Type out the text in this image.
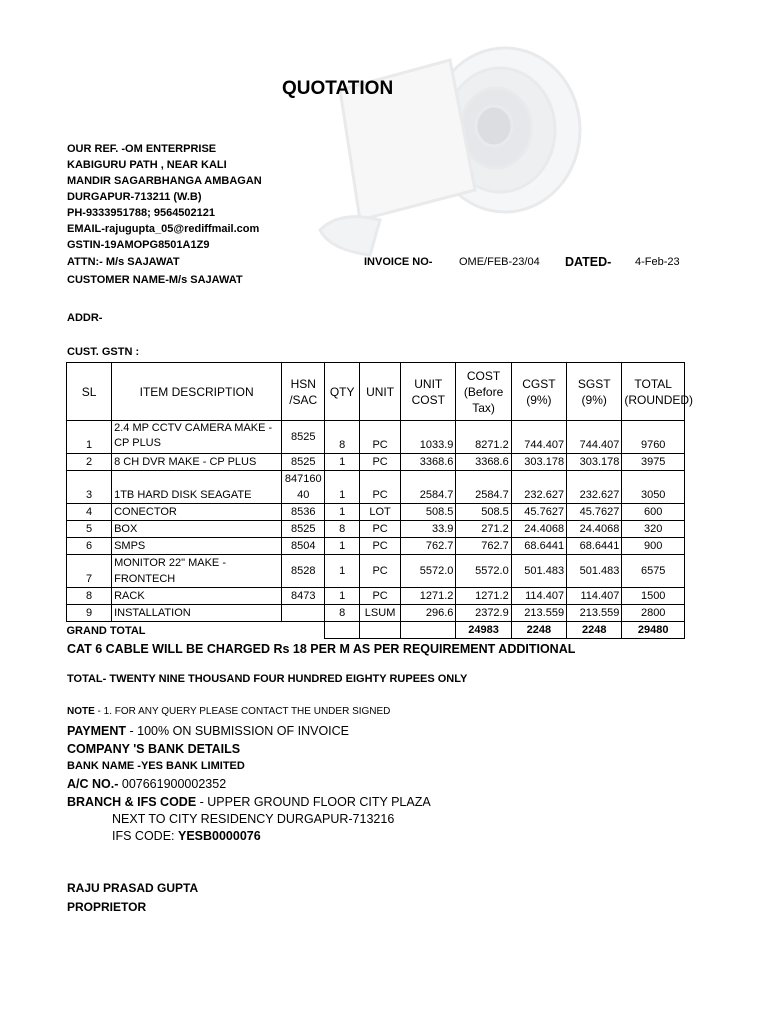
QUOTATION
OUR REF. -OM ENTERPRISE
KABIGURU PATH , NEAR KALI
MANDIR SAGARBHANGA AMBAGAN
DURGAPUR-713211 (W.B)
PH-9333951788; 9564502121
EMAIL-rajugupta_05@rediffmail.com
GSTIN-19AMOPG8501A1Z9
ATTN:- M/s SAJAWAT	INVOICE NO- OME/FEB-23/04 DATED- 4-Feb-23
CUSTOMER NAME-M/s SAJAWAT
ADDR-
CUST. GSTN :
SL	ITEM DESCRIPTION	HSN /SAC	QTY	UNIT	UNIT COST	COST (Before Tax)	CGST (9%)	SGST (9%)	TOTAL (ROUNDED)
1	2.4 MP CCTV CAMERA MAKE - CP PLUS	8525	8	PC	1033.9	8271.2	744.407	744.407	9760
2	8 CH DVR MAKE - CP PLUS	8525	1	PC	3368.6	3368.6	303.178	303.178	3975
3	1TB HARD DISK SEAGATE	84716040	1	PC	2584.7	2584.7	232.627	232.627	3050
4	CONECTOR	8536	1	LOT	508.5	508.5	45.7627	45.7627	600
5	BOX	8525	8	PC	33.9	271.2	24.4068	24.4068	320
6	SMPS	8504	1	PC	762.7	762.7	68.6441	68.6441	900
7	MONITOR 22" MAKE - FRONTECH	8528	1	PC	5572.0	5572.0	501.483	501.483	6575
8	RACK	8473	1	PC	1271.2	1271.2	114.407	114.407	1500
9	INSTALLATION		8	LSUM	296.6	2372.9	213.559	213.559	2800
GRAND TOTAL						24983	2248	2248	29480
CAT 6 CABLE WILL BE CHARGED Rs 18 PER M AS PER REQUIREMENT ADDITIONAL
TOTAL- TWENTY NINE THOUSAND FOUR HUNDRED EIGHTY RUPEES ONLY
NOTE - 1. FOR ANY QUERY PLEASE CONTACT THE UNDER SIGNED
PAYMENT - 100% ON SUBMISSION OF INVOICE
COMPANY 'S BANK DETAILS
BANK NAME -YES BANK LIMITED
A/C NO.- 007661900002352
BRANCH & IFS CODE - UPPER GROUND FLOOR CITY PLAZA
NEXT TO CITY RESIDENCY DURGAPUR-713216
IFS CODE: YESB0000076
RAJU PRASAD GUPTA
PROPRIETOR
